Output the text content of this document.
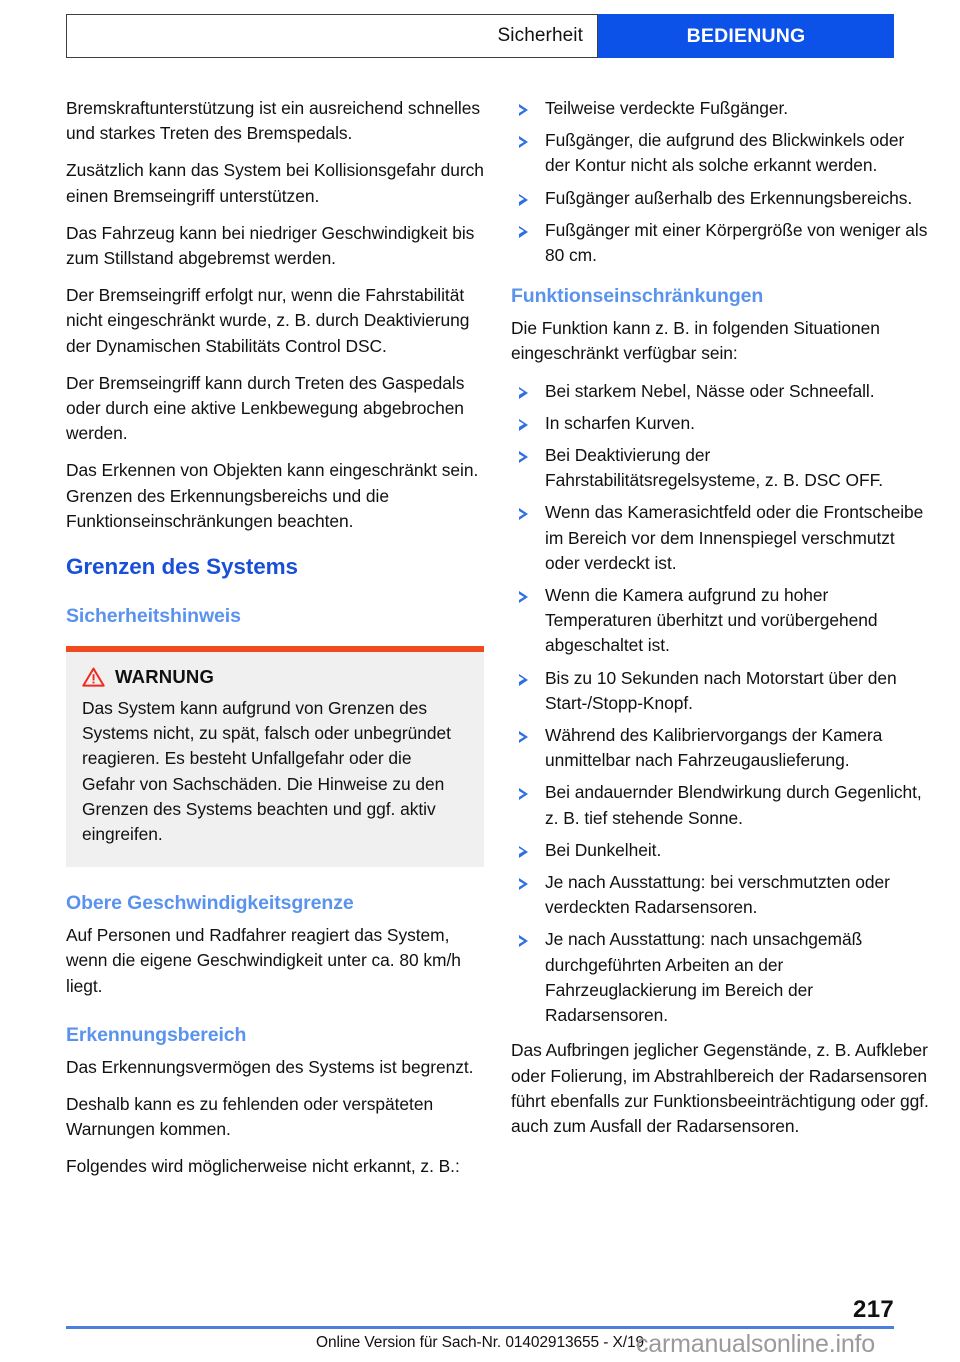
Sicherheit	BEDIENUNG

Bremskraftunterstützung ist ein ausreichend schnelles und starkes Treten des Bremspedals.

Zusätzlich kann das System bei Kollisionsgefahr durch einen Bremseingriff unterstützen.

Das Fahrzeug kann bei niedriger Geschwindigkeit bis zum Stillstand abgebremst werden.

Der Bremseingriff erfolgt nur, wenn die Fahrstabilität nicht eingeschränkt wurde, z. B. durch Deaktivierung der Dynamischen Stabilitäts Control DSC.

Der Bremseingriff kann durch Treten des Gaspedals oder durch eine aktive Lenkbewegung abgebrochen werden.

Das Erkennen von Objekten kann eingeschränkt sein. Grenzen des Erkennungsbereichs und die Funktionseinschränkungen beachten.

Grenzen des Systems
Sicherheitshinweis
WARNUNG

Das System kann aufgrund von Grenzen des Systems nicht, zu spät, falsch oder unbegründet reagieren. Es besteht Unfallgefahr oder die Gefahr von Sachschäden. Die Hinweise zu den Grenzen des Systems beachten und ggf. aktiv eingreifen.

Obere Geschwindigkeitsgrenze

Auf Personen und Radfahrer reagiert das System, wenn die eigene Geschwindigkeit unter ca. 80 km/h liegt.

Erkennungsbereich

Das Erkennungsvermögen des Systems ist begrenzt.

Deshalb kann es zu fehlenden oder verspäteten Warnungen kommen.

Folgendes wird möglicherweise nicht erkannt, z. B.:

Teilweise verdeckte Fußgänger.
Fußgänger, die aufgrund des Blickwinkels oder der Kontur nicht als solche erkannt werden.
Fußgänger außerhalb des Erkennungsbereichs.
Fußgänger mit einer Körpergröße von weniger als 80 cm.
Funktionseinschränkungen

Die Funktion kann z. B. in folgenden Situationen eingeschränkt verfügbar sein:

Bei starkem Nebel, Nässe oder Schneefall.
In scharfen Kurven.
Bei Deaktivierung der Fahrstabilitätsregelsysteme, z. B. DSC OFF.
Wenn das Kamerasichtfeld oder die Frontscheibe im Bereich vor dem Innenspiegel verschmutzt oder verdeckt ist.
Wenn die Kamera aufgrund zu hoher Temperaturen überhitzt und vorübergehend abgeschaltet ist.
Bis zu 10 Sekunden nach Motorstart über den Start-/Stopp-Knopf.
Während des Kalibriervorgangs der Kamera unmittelbar nach Fahrzeugauslieferung.
Bei andauernder Blendwirkung durch Gegenlicht, z. B. tief stehende Sonne.
Bei Dunkelheit.
Je nach Ausstattung: bei verschmutzten oder verdeckten Radarsensoren.
Je nach Ausstattung: nach unsachgemäß durchgeführten Arbeiten an der Fahrzeuglackierung im Bereich der Radarsensoren.

Das Aufbringen jeglicher Gegenstände, z. B. Aufkleber oder Folierung, im Abstrahlbereich der Radarsensoren führt ebenfalls zur Funktionsbeeinträchtigung oder ggf. auch zum Ausfall der Radarsensoren.

217
Online Version für Sach-Nr. 01402913655 - X/19
carmanualsonline.info
